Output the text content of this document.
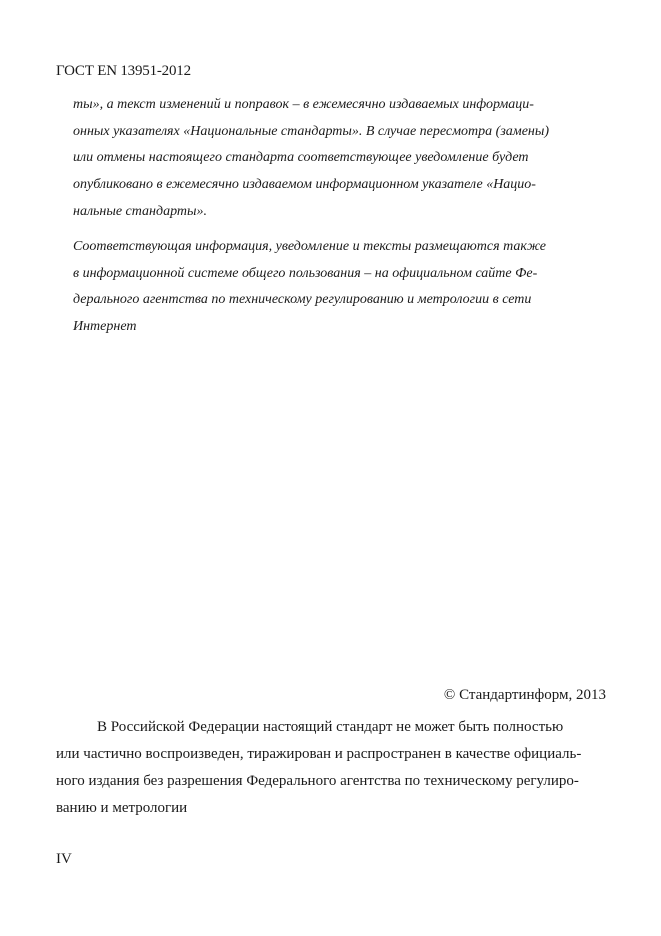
ГОСТ EN 13951-2012
ты», а текст изменений и поправок – в ежемесячно издаваемых информаци-
онных указателях «Национальные стандарты». В случае пересмотра (замены)
или отмены настоящего стандарта соответствующее уведомление будет
опубликовано в ежемесячно издаваемом информационном указателе «Нацио-
нальные стандарты».
Соответствующая информация, уведомление и тексты размещаются также
в информационной системе общего пользования – на официальном сайте Фе-
дерального агентства по техническому регулированию и метрологии в сети
Интернет
© Стандартинформ, 2013
В Российской Федерации настоящий стандарт не может быть полностью
или частично воспроизведен, тиражирован и распространен в качестве официаль-
ного издания без разрешения Федерального агентства по техническому регулиро-
ванию и метрологии
IV
